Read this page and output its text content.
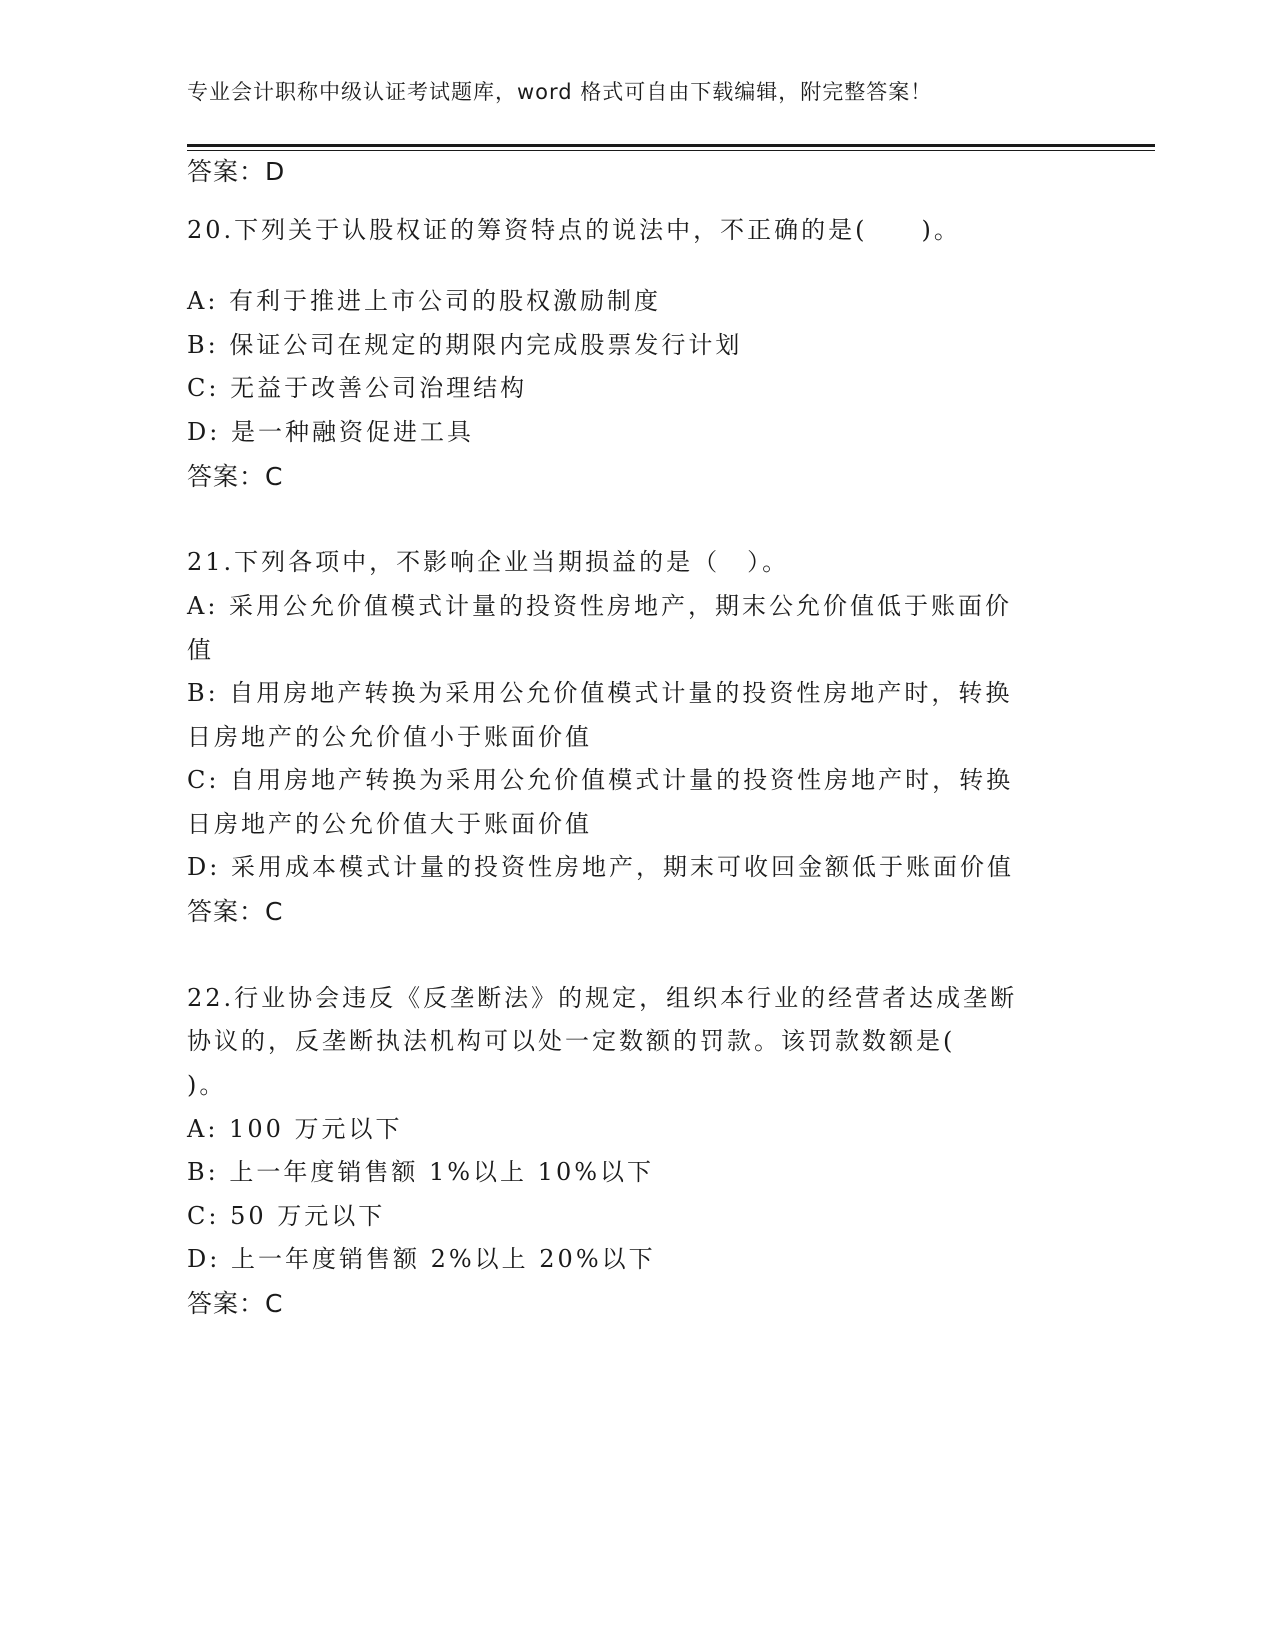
专业会计职称中级认证考试题库，word 格式可自由下载编辑，附完整答案！
答案：D
20.下列关于认股权证的筹资特点的说法中，不正确的是(　　)。
A: 有利于推进上市公司的股权激励制度
B: 保证公司在规定的期限内完成股票发行计划
C: 无益于改善公司治理结构
D: 是一种融资促进工具
答案：C
21.下列各项中，不影响企业当期损益的是（　）。
A: 采用公允价值模式计量的投资性房地产，期末公允价值低于账面价
值
B: 自用房地产转换为采用公允价值模式计量的投资性房地产时，转换
日房地产的公允价值小于账面价值
C: 自用房地产转换为采用公允价值模式计量的投资性房地产时，转换
日房地产的公允价值大于账面价值
D: 采用成本模式计量的投资性房地产，期末可收回金额低于账面价值
答案：C
22.行业协会违反《反垄断法》的规定，组织本行业的经营者达成垄断
协议的，反垄断执法机构可以处一定数额的罚款。该罚款数额是(
)。
A: 100 万元以下
B: 上一年度销售额 1%以上 10%以下
C: 50 万元以下
D: 上一年度销售额 2%以上 20%以下
答案：C
